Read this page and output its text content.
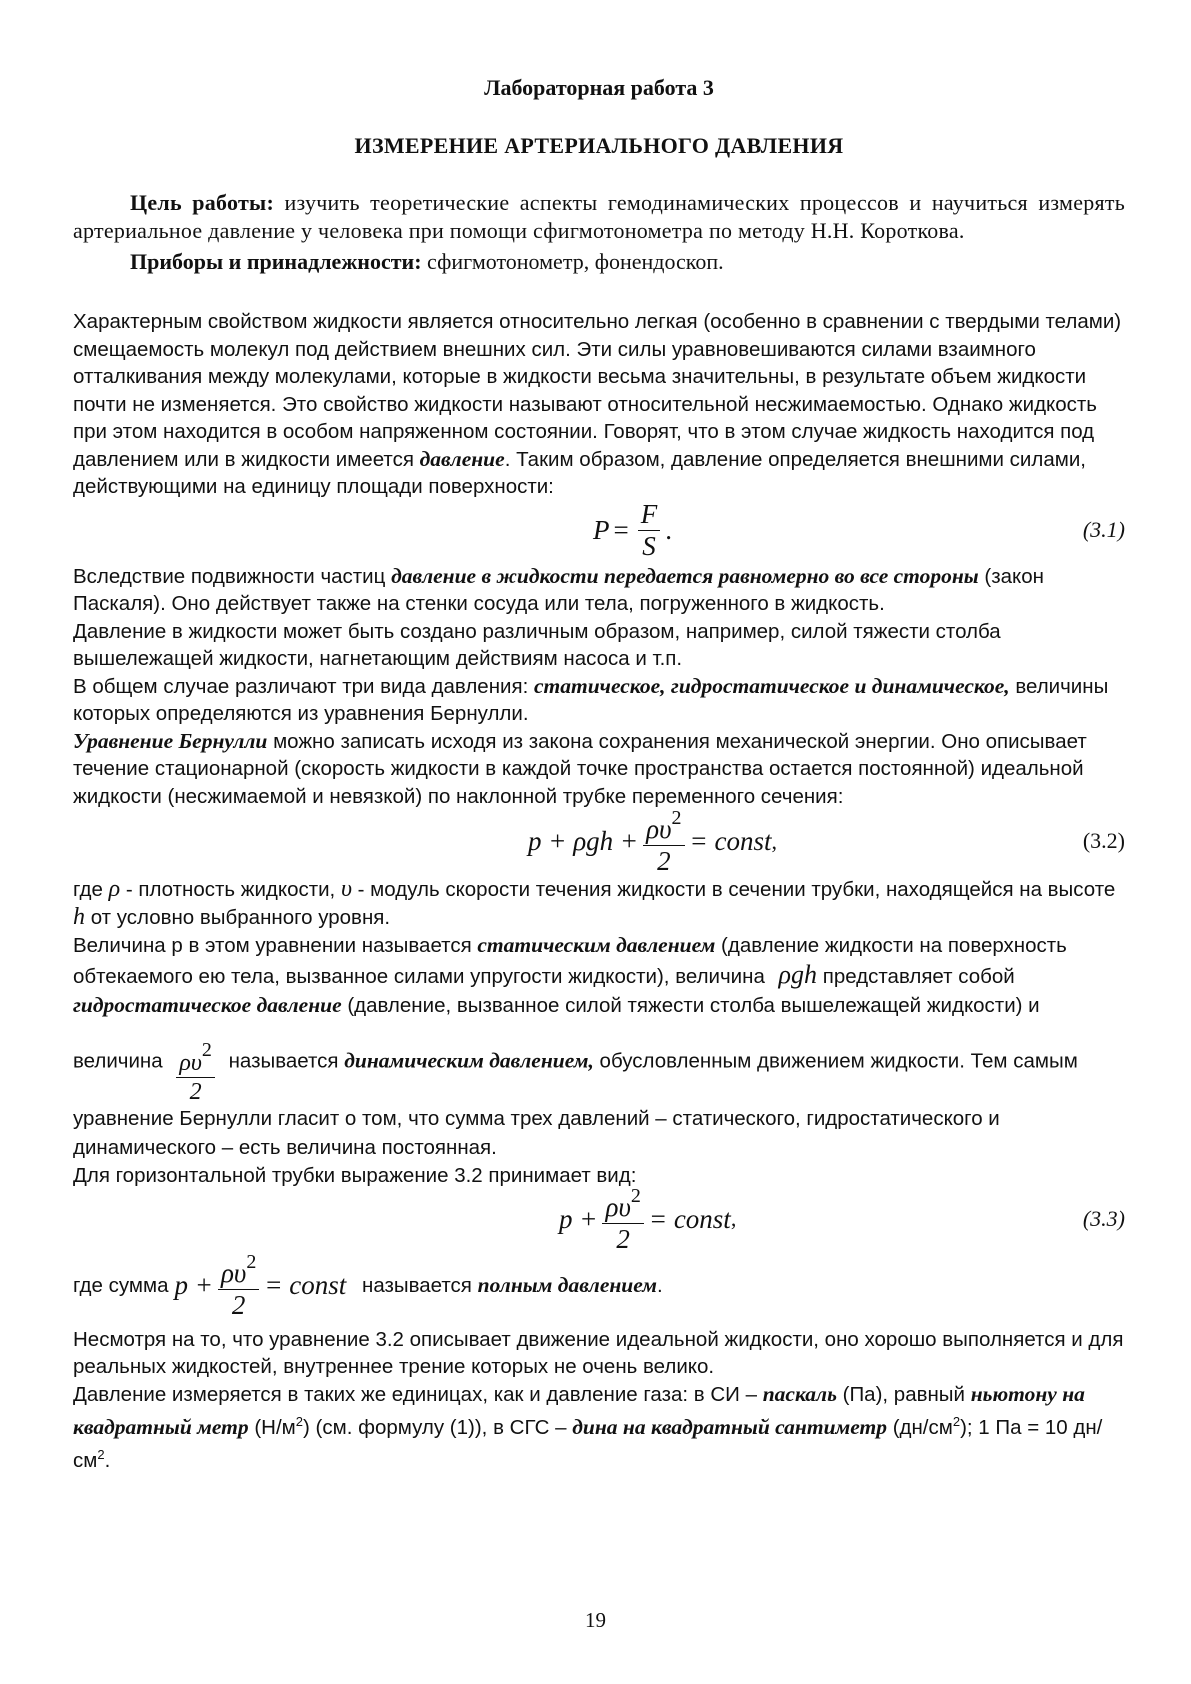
Лабораторная работа 3
ИЗМЕРЕНИЕ АРТЕРИАЛЬНОГО ДАВЛЕНИЯ
Цель работы: изучить теоретические аспекты гемодинамических процессов и научиться измерять артериальное давление у человека при помощи сфигмотонометра по методу Н.Н. Короткова.
Приборы и принадлежности: сфигмотонометр, фонендоскоп.

Характерным свойством жидкости является относительно легкая (особенно в сравнении с твердыми телами) смещаемость молекул под действием внешних сил. Эти силы уравновешиваются силами взаимного отталкивания между молекулами, которые в жидкости весьма значительны, в результате объем жидкости почти не изменяется. Это свойство жидкости называют относительной несжимаемостью. Однако жидкость при этом находится в особом напряженном состоянии. Говорят, что в этом случае жидкость находится под давлением или в жидкости имеется давление. Таким образом, давление определяется внешними силами, действующими на единицу площади поверхности:

$P = \frac{F}{S}$ .	(3.1)

Вследствие подвижности частиц давление в жидкости передается равномерно во все стороны (закон Паскаля). Оно действует также на стенки сосуда или тела, погруженного в жидкость.

Давление в жидкости может быть создано различным образом, например, силой тяжести столба вышележащей жидкости, нагнетающим действиям насоса и т.п.

В общем случае различают три вида давления: статическое, гидростатическое и динамическое, величины которых определяются из уравнения Бернулли.

Уравнение Бернулли можно записать исходя из закона сохранения механической энергии. Оно описывает течение стационарной (скорость жидкости в каждой точке пространства остается постоянной) идеальной жидкости (несжимаемой и невязкой) по наклонной трубке переменного сечения:

$p + \rho gh + \frac{\rho\upsilon^2}{2}$ = const ,	(3.2)

где ρ - плотность жидкости, υ - модуль скорости течения жидкости в сечении трубки, находящейся на высоте h от условно выбранного уровня.

Величина р в этом уравнении называется статическим давлением (давление жидкости на поверхность обтекаемого ею тела, вызванное силами упругости жидкости), величина ρgh представляет собой гидростатическое давление (давление, вызванное силой тяжести столба вышележащей жидкости) и величина $\frac{\rho\upsilon^2}{2}$ называется динамическим давлением, обусловленным движением жидкости. Тем самым уравнение Бернулли гласит о том, что сумма трех давлений – статического, гидростатического и динамического – есть величина постоянная.

Для горизонтальной трубки выражение 3.2 принимает вид:

$p + \frac{\rho\upsilon^2}{2}$ = const ,	(3.3)

где сумма $p + \frac{\rho\upsilon^2}{2}$ = const называется полным давлением .

Несмотря на то, что уравнение 3.2 описывает движение идеальной жидкости, оно хорошо выполняется и для реальных жидкостей, внутреннее трение которых не очень велико.

Давление измеряется в таких же единицах, как и давление газа: в СИ – паскаль (Па), равный ньютону на квадратный метр $(Н/м^2)$ (см. формулу (1)), в СГС – дина на квадратный сантиметр $(дн/см^2)$; 1 Па = 10 дн/ $см^2$.

19
